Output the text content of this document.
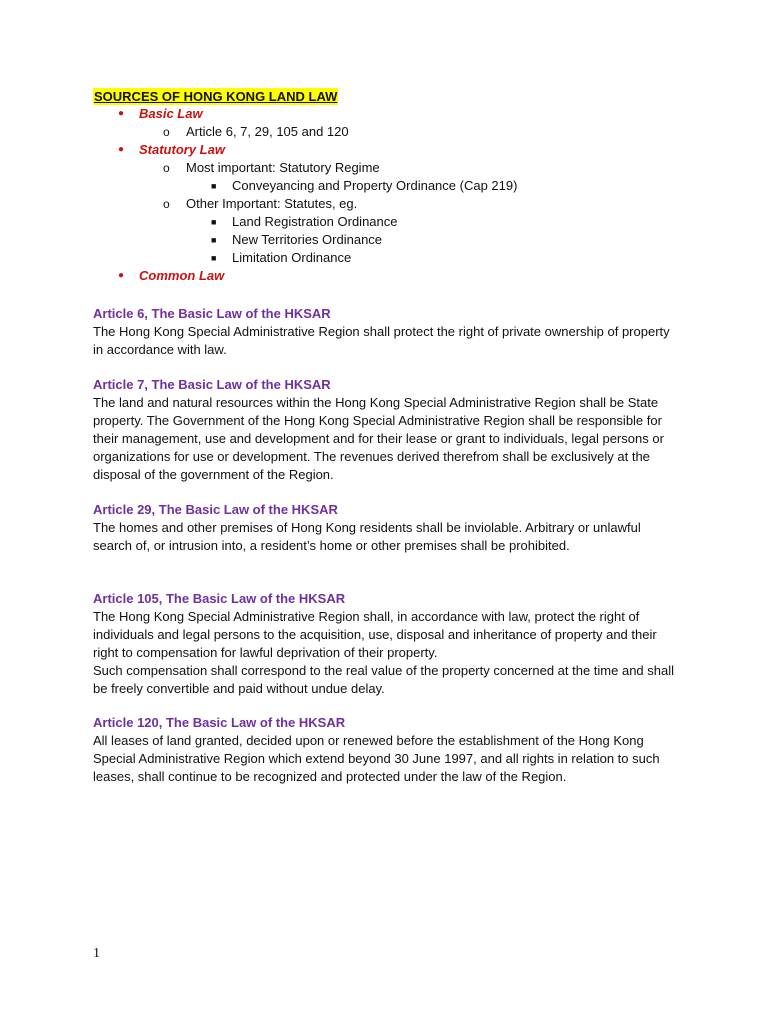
SOURCES OF HONG KONG LAND LAW
● Basic Law
o Article 6, 7, 29, 105 and 120
● Statutory Law
o Most important: Statutory Regime
■ Conveyancing and Property Ordinance (Cap 219)
o Other Important: Statutes, eg.
■ Land Registration Ordinance
■ New Territories Ordinance
■ Limitation Ordinance
● Common Law
Article 6, The Basic Law of the HKSAR

The Hong Kong Special Administrative Region shall protect the right of private ownership of property in accordance with law.

Article 7, The Basic Law of the HKSAR

The land and natural resources within the Hong Kong Special Administrative Region shall be State property. The Government of the Hong Kong Special Administrative Region shall be responsible for their management, use and development and for their lease or grant to individuals, legal persons or organizations for use or development. The revenues derived therefrom shall be exclusively at the disposal of the government of the Region.

Article 29, The Basic Law of the HKSAR

The homes and other premises of Hong Kong residents shall be inviolable. Arbitrary or unlawful search of, or intrusion into, a resident’s home or other premises shall be prohibited.

Article 105, The Basic Law of the HKSAR

The Hong Kong Special Administrative Region shall, in accordance with law, protect the right of individuals and legal persons to the acquisition, use, disposal and inheritance of property and their right to compensation for lawful deprivation of their property.

Such compensation shall correspond to the real value of the property concerned at the time and shall be freely convertible and paid without undue delay.

Article 120, The Basic Law of the HKSAR

All leases of land granted, decided upon or renewed before the establishment of the Hong Kong Special Administrative Region which extend beyond 30 June 1997, and all rights in relation to such leases, shall continue to be recognized and protected under the law of the Region.

1
